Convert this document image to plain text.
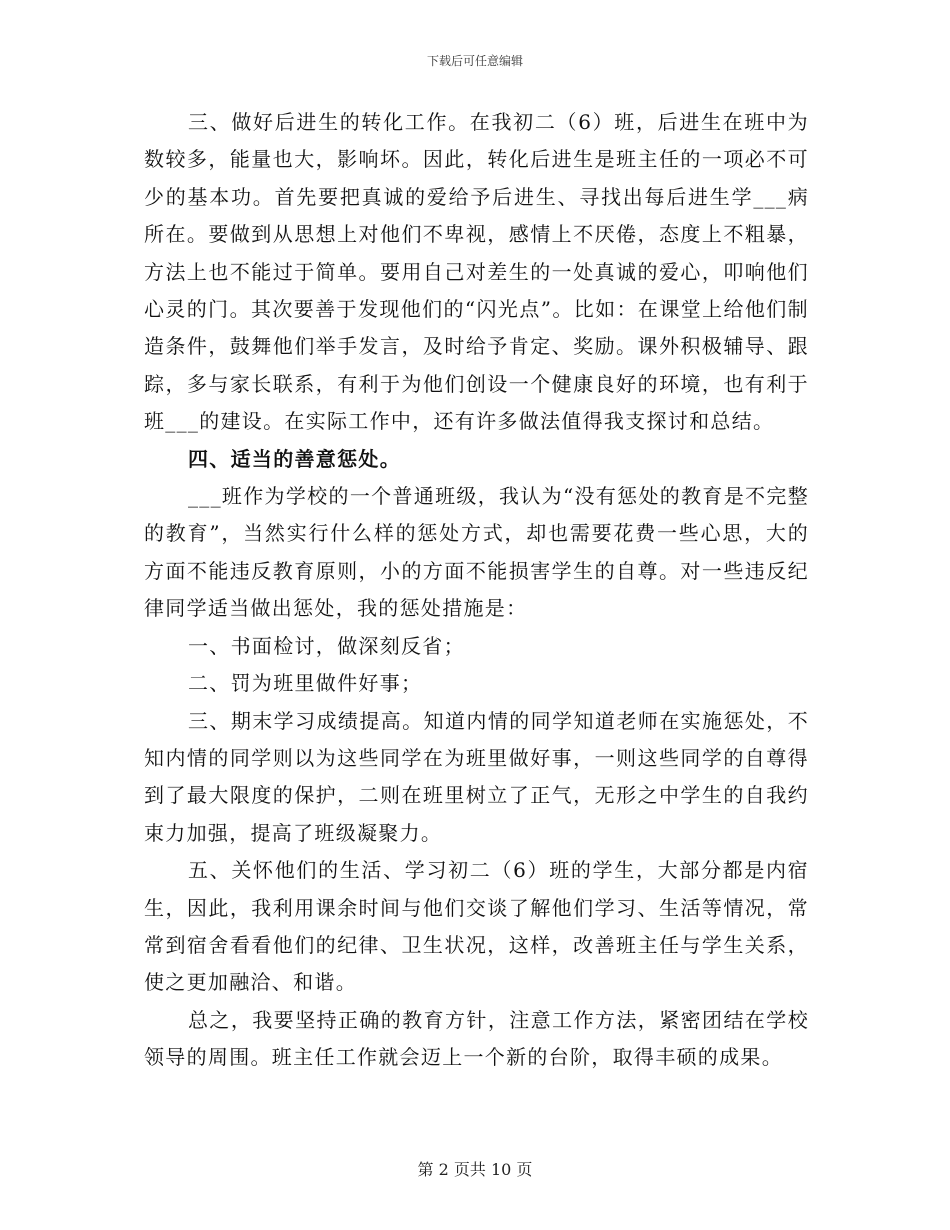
下载后可任意编辑

三、做好后进生的转化工作。在我初二（6）班，后进生在班中为数较多，能量也大，影响坏。因此，转化后进生是班主任的一项必不可少的基本功。首先要把真诚的爱给予后进生、寻找出每后进生学___病所在。要做到从思想上对他们不卑视，感情上不厌倦，态度上不粗暴，方法上也不能过于简单。要用自己对差生的一处真诚的爱心，叩响他们心灵的门。其次要善于发现他们的“闪光点”。比如：在课堂上给他们制造条件，鼓舞他们举手发言，及时给予肯定、奖励。课外积极辅导、跟踪，多与家长联系，有利于为他们创设一个健康良好的环境，也有利于班___的建设。在实际工作中，还有许多做法值得我支探讨和总结。

四、适当的善意惩处。

___班作为学校的一个普通班级，我认为“没有惩处的教育是不完整的教育”，当然实行什么样的惩处方式，却也需要花费一些心思，大的方面不能违反教育原则，小的方面不能损害学生的自尊。对一些违反纪律同学适当做出惩处，我的惩处措施是：

一、书面检讨，做深刻反省；

二、罚为班里做件好事；

三、期末学习成绩提高。知道内情的同学知道老师在实施惩处，不知内情的同学则以为这些同学在为班里做好事，一则这些同学的自尊得到了最大限度的保护，二则在班里树立了正气，无形之中学生的自我约束力加强，提高了班级凝聚力。

五、关怀他们的生活、学习初二（6）班的学生，大部分都是内宿生，因此，我利用课余时间与他们交谈了解他们学习、生活等情况，常常到宿舍看看他们的纪律、卫生状况，这样，改善班主任与学生关系，使之更加融洽、和谐。

总之，我要坚持正确的教育方针，注意工作方法，紧密团结在学校领导的周围。班主任工作就会迈上一个新的台阶，取得丰硕的成果。

第 2 页共 10 页
